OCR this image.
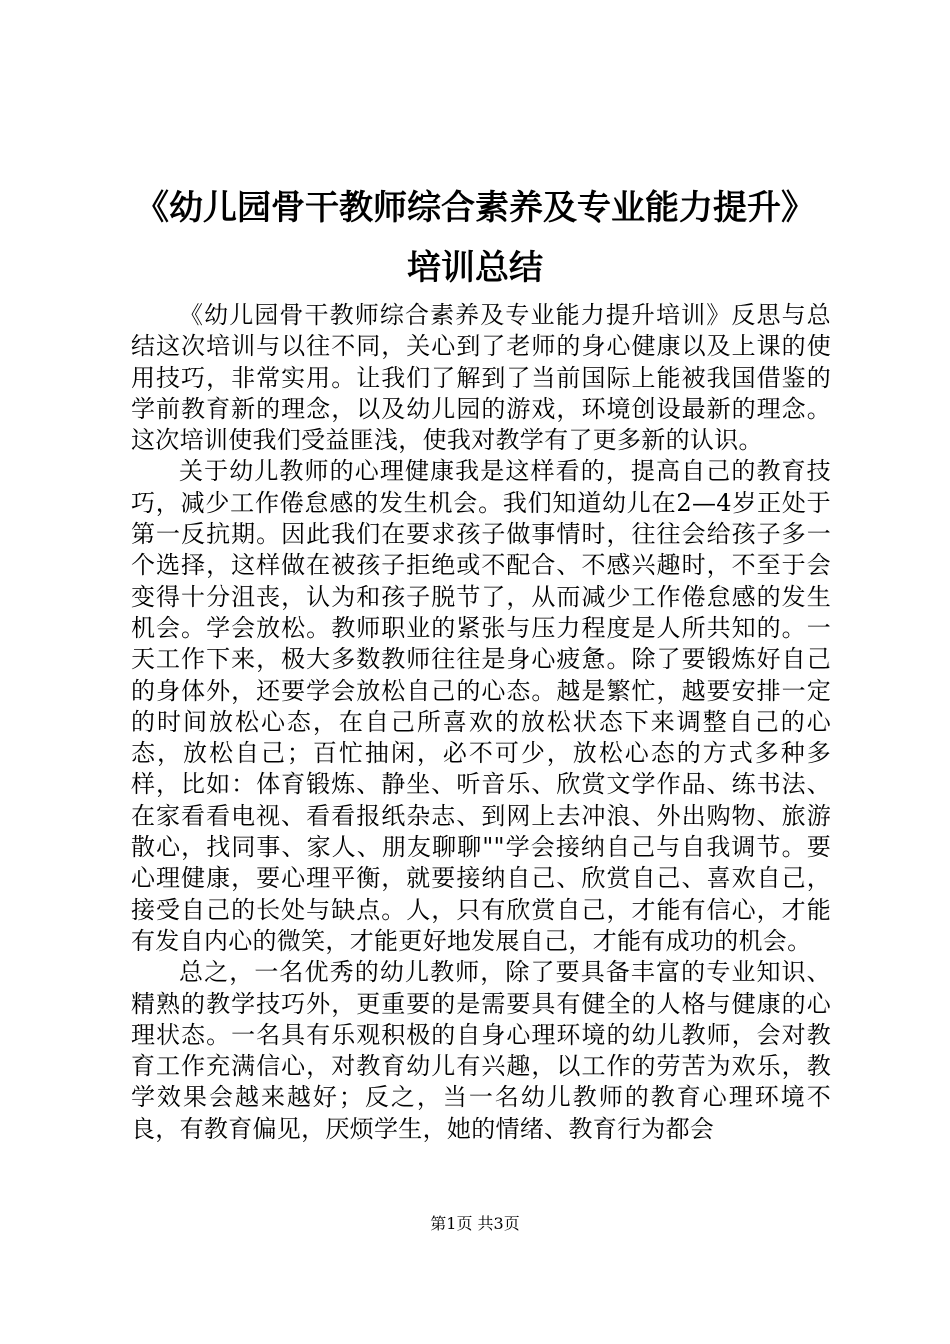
《幼儿园骨干教师综合素养及专业能力提升》
培训总结

《幼儿园骨干教师综合素养及专业能力提升培训》反思与总结这次培训与以往不同，关心到了老师的身心健康以及上课的使用技巧，非常实用。让我们了解到了当前国际上能被我国借鉴的学前教育新的理念，以及幼儿园的游戏，环境创设最新的理念。这次培训使我们受益匪浅，使我对教学有了更多新的认识。

关于幼儿教师的心理健康我是这样看的，提高自己的教育技巧，减少工作倦怠感的发生机会。我们知道幼儿在2—4岁正处于第一反抗期。因此我们在要求孩子做事情时，往往会给孩子多一个选择，这样做在被孩子拒绝或不配合、不感兴趣时，不至于会变得十分沮丧，认为和孩子脱节了，从而减少工作倦怠感的发生机会。学会放松。教师职业的紧张与压力程度是人所共知的。一天工作下来，极大多数教师往往是身心疲惫。除了要锻炼好自己的身体外，还要学会放松自己的心态。越是繁忙，越要安排一定的时间放松心态，在自己所喜欢的放松状态下来调整自己的心态，放松自己；百忙抽闲，必不可少，放松心态的方式多种多样，比如：体育锻炼、静坐、听音乐、欣赏文学作品、练书法、在家看看电视、看看报纸杂志、到网上去冲浪、外出购物、旅游散心，找同事、家人、朋友聊聊""学会接纳自己与自我调节。要心理健康，要心理平衡，就要接纳自己、欣赏自己、喜欢自己，接受自己的长处与缺点。人，只有欣赏自己，才能有信心，才能有发自内心的微笑，才能更好地发展自己，才能有成功的机会。

总之，一名优秀的幼儿教师，除了要具备丰富的专业知识、精熟的教学技巧外，更重要的是需要具有健全的人格与健康的心理状态。一名具有乐观积极的自身心理环境的幼儿教师，会对教育工作充满信心，对教育幼儿有兴趣，以工作的劳苦为欢乐，教学效果会越来越好；反之，当一名幼儿教师的教育心理环境不良，有教育偏见，厌烦学生，她的情绪、教育行为都会

第1页 共3页
